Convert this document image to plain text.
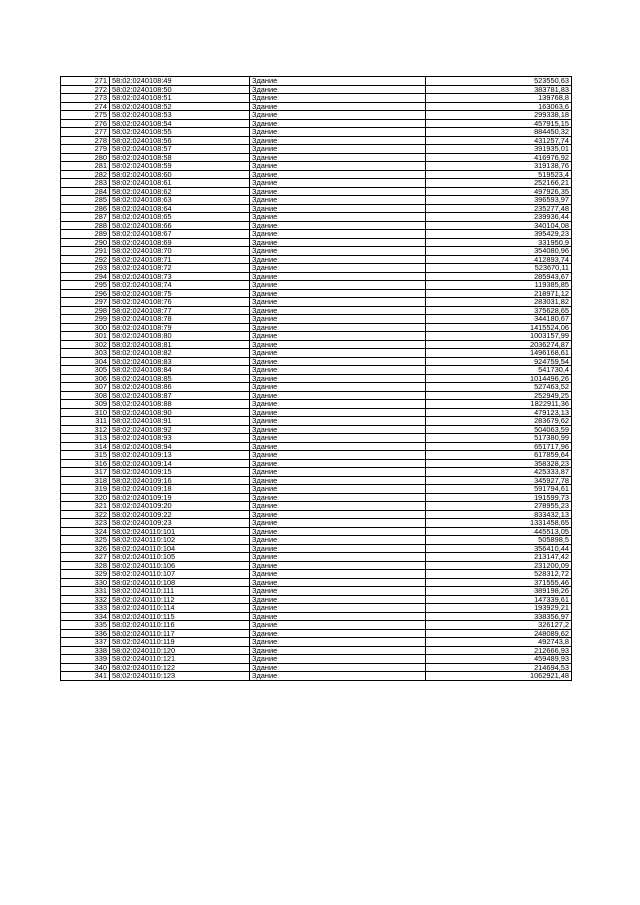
271	58:02:0240108:49	Здание	523550,63
272	58:02:0240108:50	Здание	383781,83
273	58:02:0240108:51	Здание	139768,8
274	58:02:0240108:52	Здание	163063,6
275	58:02:0240108:53	Здание	299338,18
276	58:02:0240108:54	Здание	457915,15
277	58:02:0240108:55	Здание	884450,32
278	58:02:0240108:56	Здание	431257,74
279	58:02:0240108:57	Здание	391935,01
280	58:02:0240108:58	Здание	416976,92
281	58:02:0240108:59	Здание	319138,76
282	58:02:0240108:60	Здание	519523,4
283	58:02:0240108:61	Здание	252166,21
284	58:02:0240108:62	Здание	497926,35
285	58:02:0240108:63	Здание	396593,97
286	58:02:0240108:64	Здание	235277,48
287	58:02:0240108:65	Здание	239936,44
288	58:02:0240108:66	Здание	340104,08
289	58:02:0240108:67	Здание	395429,23
290	58:02:0240108:69	Здание	331950,9
291	58:02:0240108:70	Здание	354080,96
292	58:02:0240108:71	Здание	412893,74
293	58:02:0240108:72	Здание	523670,11
294	58:02:0240108:73	Здание	285943,67
295	58:02:0240108:74	Здание	119385,85
296	58:02:0240108:75	Здание	218971,12
297	58:02:0240108:76	Здание	283031,82
298	58:02:0240108:77	Здание	375628,65
299	58:02:0240108:78	Здание	344180,67
300	58:02:0240108:79	Здание	1415524,06
301	58:02:0240108:80	Здание	1003157,99
302	58:02:0240108:81	Здание	2036274,87
303	58:02:0240108:82	Здание	1496168,61
304	58:02:0240108:83	Здание	924759,54
305	58:02:0240108:84	Здание	541730,4
306	58:02:0240108:85	Здание	1014496,26
307	58:02:0240108:86	Здание	527463,52
308	58:02:0240108:87	Здание	252949,25
309	58:02:0240108:88	Здание	1822911,36
310	58:02:0240108:90	Здание	479123,13
311	58:02:0240108:91	Здание	283679,62
312	58:02:0240108:92	Здание	504063,59
313	58:02:0240108:93	Здание	517380,99
314	58:02:0240108:94	Здание	651717,96
315	58:02:0240109:13	Здание	617859,64
316	58:02:0240109:14	Здание	358328,23
317	58:02:0240109:15	Здание	425333,87
318	58:02:0240109:16	Здание	345927,78
319	58:02:0240109:18	Здание	591794,61
320	58:02:0240109:19	Здание	191599,73
321	58:02:0240109:20	Здание	278955,23
322	58:02:0240109:22	Здание	833432,13
323	58:02:0240109:23	Здание	1331458,65
324	58:02:0240110:101	Здание	445513,05
325	58:02:0240110:102	Здание	505898,5
326	58:02:0240110:104	Здание	356410,44
327	58:02:0240110:105	Здание	213147,42
328	58:02:0240110:106	Здание	231200,09
329	58:02:0240110:107	Здание	528312,72
330	58:02:0240110:108	Здание	371555,46
331	58:02:0240110:111	Здание	389198,26
332	58:02:0240110:112	Здание	147339,61
333	58:02:0240110:114	Здание	193929,21
334	58:02:0240110:115	Здание	338356,97
335	58:02:0240110:116	Здание	326127,2
336	58:02:0240110:117	Здание	248089,62
337	58:02:0240110:119	Здание	492743,8
338	58:02:0240110:120	Здание	212666,93
339	58:02:0240110:121	Здание	459489,93
340	58:02:0240110:122	Здание	214694,53
341	58:02:0240110:123	Здание	1062921,48
